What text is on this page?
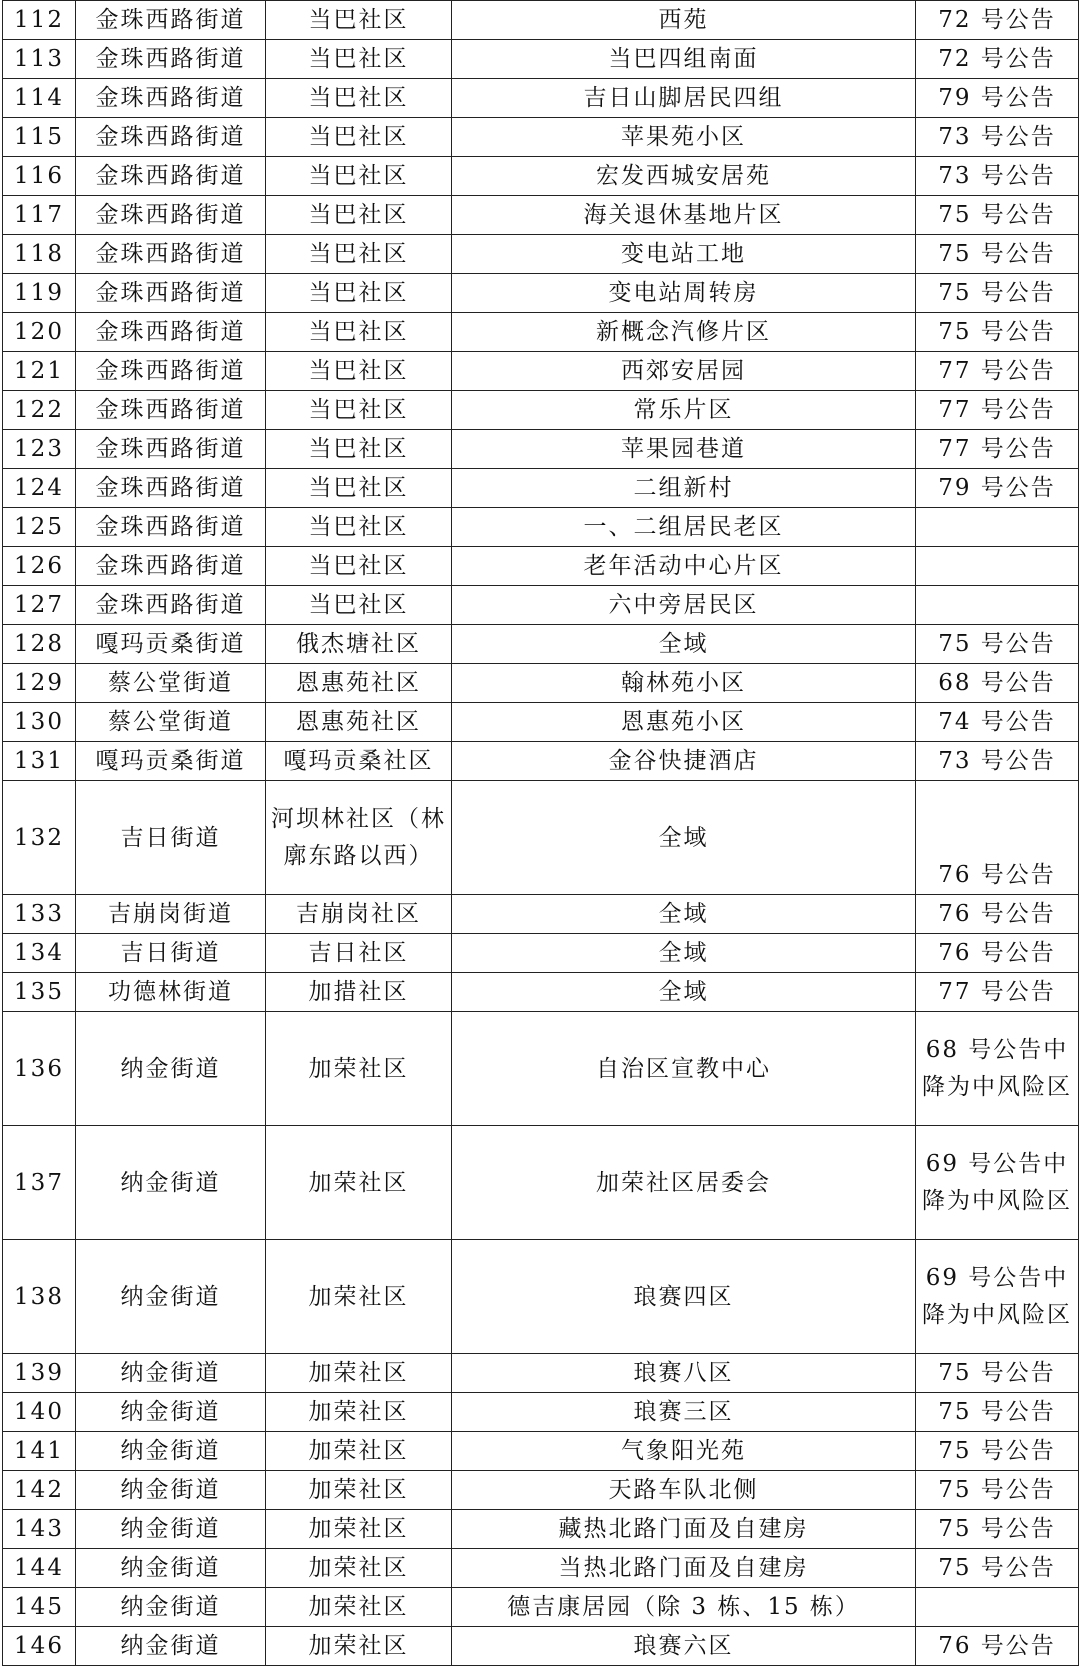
112	金珠西路街道	当巴社区	西苑	72 号公告
113	金珠西路街道	当巴社区	当巴四组南面	72 号公告
114	金珠西路街道	当巴社区	吉日山脚居民四组	79 号公告
115	金珠西路街道	当巴社区	苹果苑小区	73 号公告
116	金珠西路街道	当巴社区	宏发西城安居苑	73 号公告
117	金珠西路街道	当巴社区	海关退休基地片区	75 号公告
118	金珠西路街道	当巴社区	变电站工地	75 号公告
119	金珠西路街道	当巴社区	变电站周转房	75 号公告
120	金珠西路街道	当巴社区	新概念汽修片区	75 号公告
121	金珠西路街道	当巴社区	西郊安居园	77 号公告
122	金珠西路街道	当巴社区	常乐片区	77 号公告
123	金珠西路街道	当巴社区	苹果园巷道	77 号公告
124	金珠西路街道	当巴社区	二组新村	79 号公告
125	金珠西路街道	当巴社区	一、二组居民老区	
126	金珠西路街道	当巴社区	老年活动中心片区	
127	金珠西路街道	当巴社区	六中旁居民区	
128	嘎玛贡桑街道	俄杰塘社区	全域	75 号公告
129	蔡公堂街道	恩惠苑社区	翰林苑小区	68 号公告
130	蔡公堂街道	恩惠苑社区	恩惠苑小区	74 号公告
131	嘎玛贡桑街道	嘎玛贡桑社区	金谷快捷酒店	73 号公告
132	吉日街道	河坝林社区（林廓东路以西）	全域	76 号公告
133	吉崩岗街道	吉崩岗社区	全域	76 号公告
134	吉日街道	吉日社区	全域	76 号公告
135	功德林街道	加措社区	全域	77 号公告
136	纳金街道	加荣社区	自治区宣教中心	68 号公告中降为中风险区
137	纳金街道	加荣社区	加荣社区居委会	69 号公告中降为中风险区
138	纳金街道	加荣社区	琅赛四区	69 号公告中降为中风险区
139	纳金街道	加荣社区	琅赛八区	75 号公告
140	纳金街道	加荣社区	琅赛三区	75 号公告
141	纳金街道	加荣社区	气象阳光苑	75 号公告
142	纳金街道	加荣社区	天路车队北侧	75 号公告
143	纳金街道	加荣社区	藏热北路门面及自建房	75 号公告
144	纳金街道	加荣社区	当热北路门面及自建房	75 号公告
145	纳金街道	加荣社区	德吉康居园（除 3 栋、15 栋）	
146	纳金街道	加荣社区	琅赛六区	76 号公告
